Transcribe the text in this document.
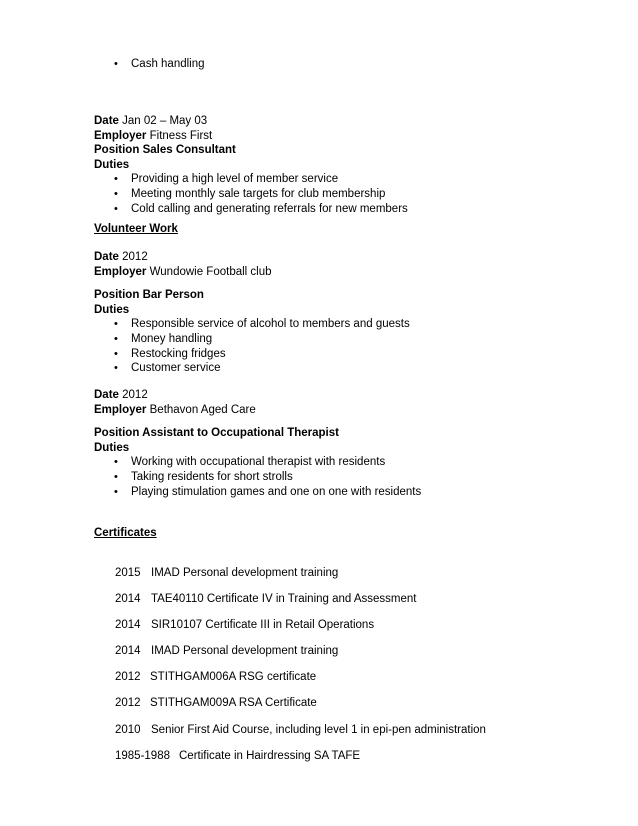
• Cash handling
Date Jan 02 – May 03
Employer Fitness First
Position Sales Consultant
Duties
• Providing a high level of member service
• Meeting monthly sale targets for club membership
• Cold calling and generating referrals for new members
Volunteer Work
Date 2012
Employer Wundowie Football club
Position Bar Person
Duties
• Responsible service of alcohol to members and guests
• Money handling
• Restocking fridges
• Customer service
Date 2012
Employer Bethavon Aged Care
Position Assistant to Occupational Therapist
Duties
• Working with occupational therapist with residents
• Taking residents for short strolls
• Playing stimulation games and one on one with residents
Certificates
2015 IMAD Personal development training
2014 TAE40110 Certificate IV in Training and Assessment
2014 SIR10107 Certificate III in Retail Operations
2014 IMAD Personal development training
2012 STITHGAM006A RSG certificate
2012 STITHGAM009A RSA Certificate
2010 Senior First Aid Course, including level 1 in epi-pen administration
1985-1988 Certificate in Hairdressing SA TAFE
